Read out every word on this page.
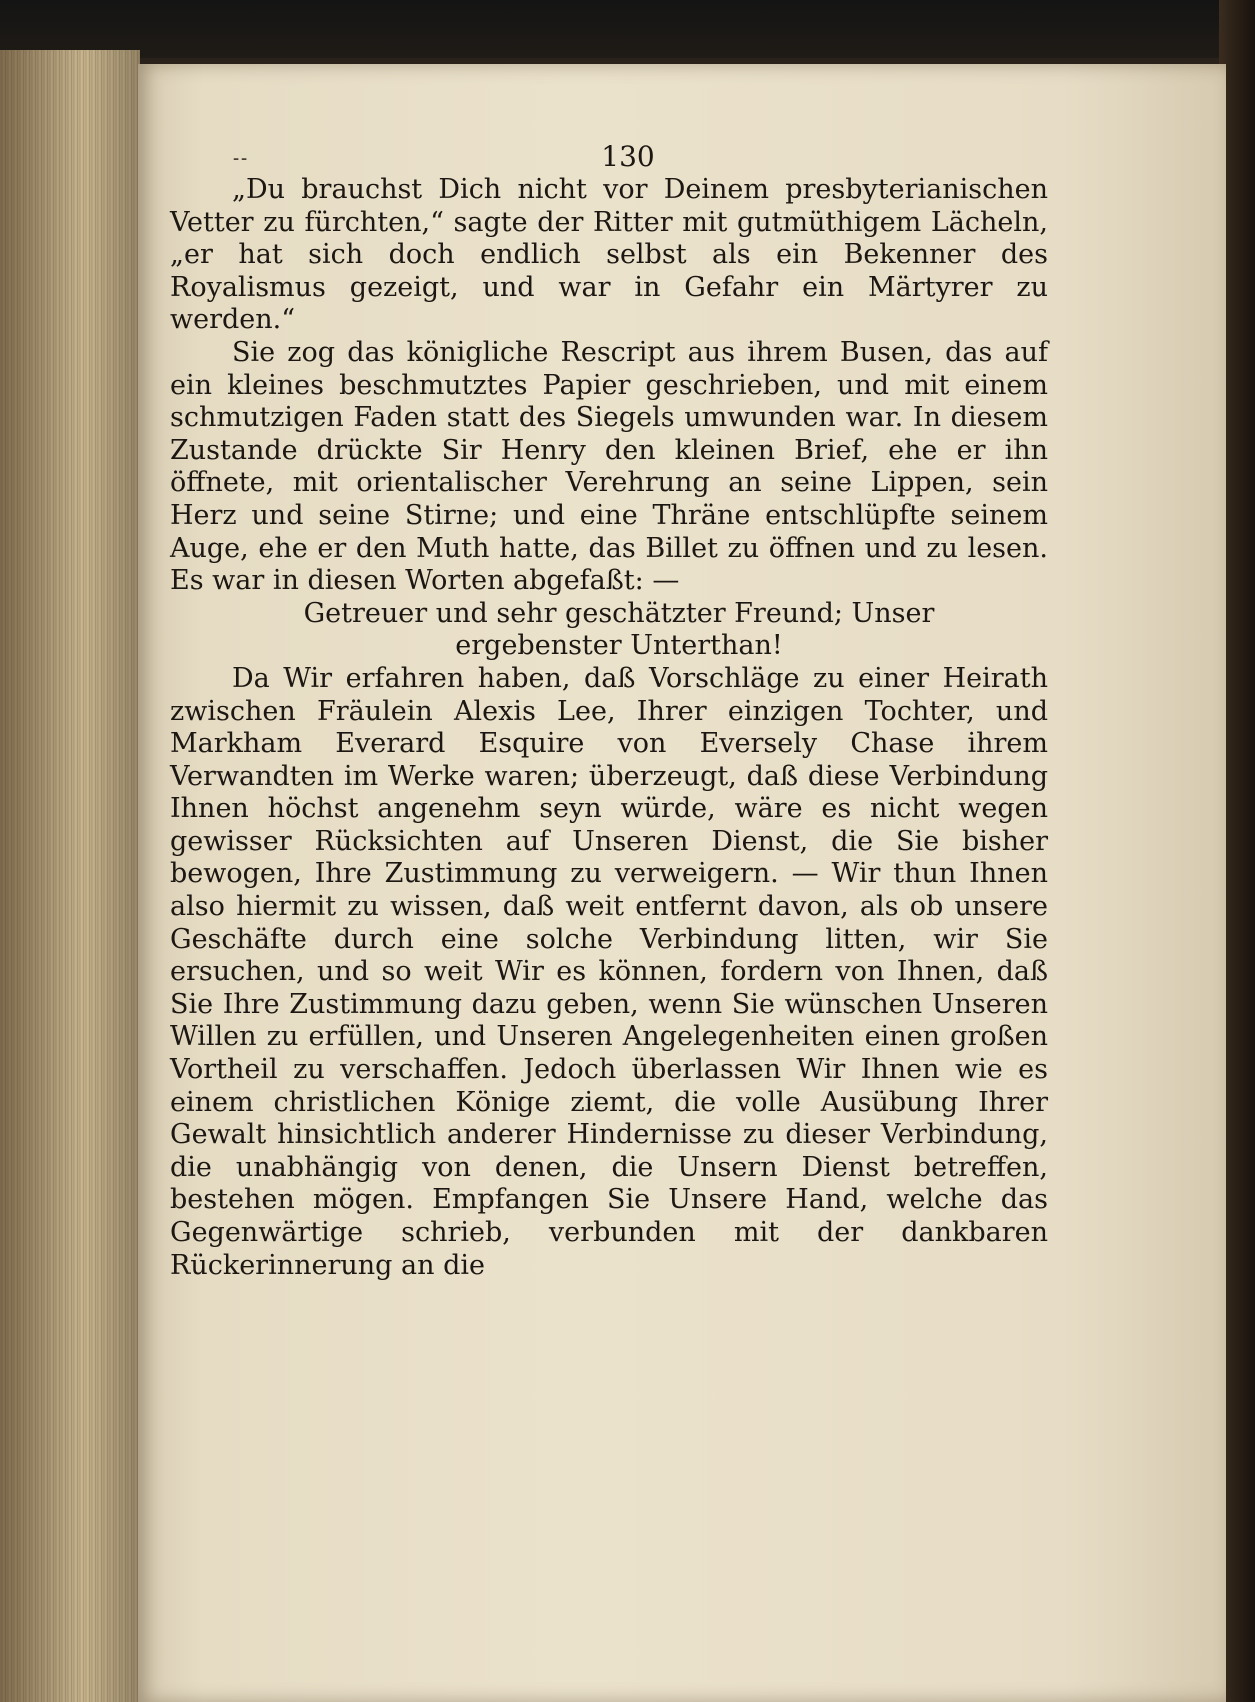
⁃⁃	130

„Du brauchst Dich nicht vor Deinem presbyterianischen Vetter zu fürchten,“ sagte der Ritter mit gutmüthigem Lächeln, „er hat sich doch endlich selbst als ein Bekenner des Royalismus gezeigt, und war in Gefahr ein Märtyrer zu werden.“

Sie zog das königliche Rescript aus ihrem Busen, das auf ein kleines beschmutztes Papier geschrieben, und mit einem schmutzigen Faden statt des Siegels umwunden war. In diesem Zustande drückte Sir Henry den kleinen Brief, ehe er ihn öffnete, mit orientalischer Verehrung an seine Lippen, sein Herz und seine Stirne; und eine Thräne entschlüpfte seinem Auge, ehe er den Muth hatte, das Billet zu öffnen und zu lesen. Es war in diesen Worten abgefaßt: —

Getreuer und sehr geschätzter Freund; Unser
ergebenster Unterthan!

Da Wir erfahren haben, daß Vorschläge zu einer Heirath zwischen Fräulein Alexis Lee, Ihrer einzigen Tochter, und Markham Everard Esquire von Eversely Chase ihrem Verwandten im Werke waren; überzeugt, daß diese Verbindung Ihnen höchst angenehm seyn würde, wäre es nicht wegen gewisser Rücksichten auf Unseren Dienst, die Sie bisher bewogen, Ihre Zustimmung zu verweigern. — Wir thun Ihnen also hiermit zu wissen, daß weit entfernt davon, als ob unsere Geschäfte durch eine solche Verbindung litten, wir Sie ersuchen, und so weit Wir es können, fordern von Ihnen, daß Sie Ihre Zustimmung dazu geben, wenn Sie wünschen Unseren Willen zu erfüllen, und Unseren Angelegenheiten einen großen Vortheil zu verschaffen. Jedoch überlassen Wir Ihnen wie es einem christlichen Könige ziemt, die volle Ausübung Ihrer Gewalt hinsichtlich anderer Hindernisse zu dieser Verbindung, die unabhängig von denen, die Unsern Dienst betreffen, bestehen mögen. Empfangen Sie Unsere Hand, welche das Gegenwärtige schrieb, verbunden mit der dankbaren Rückerinnerung an die
